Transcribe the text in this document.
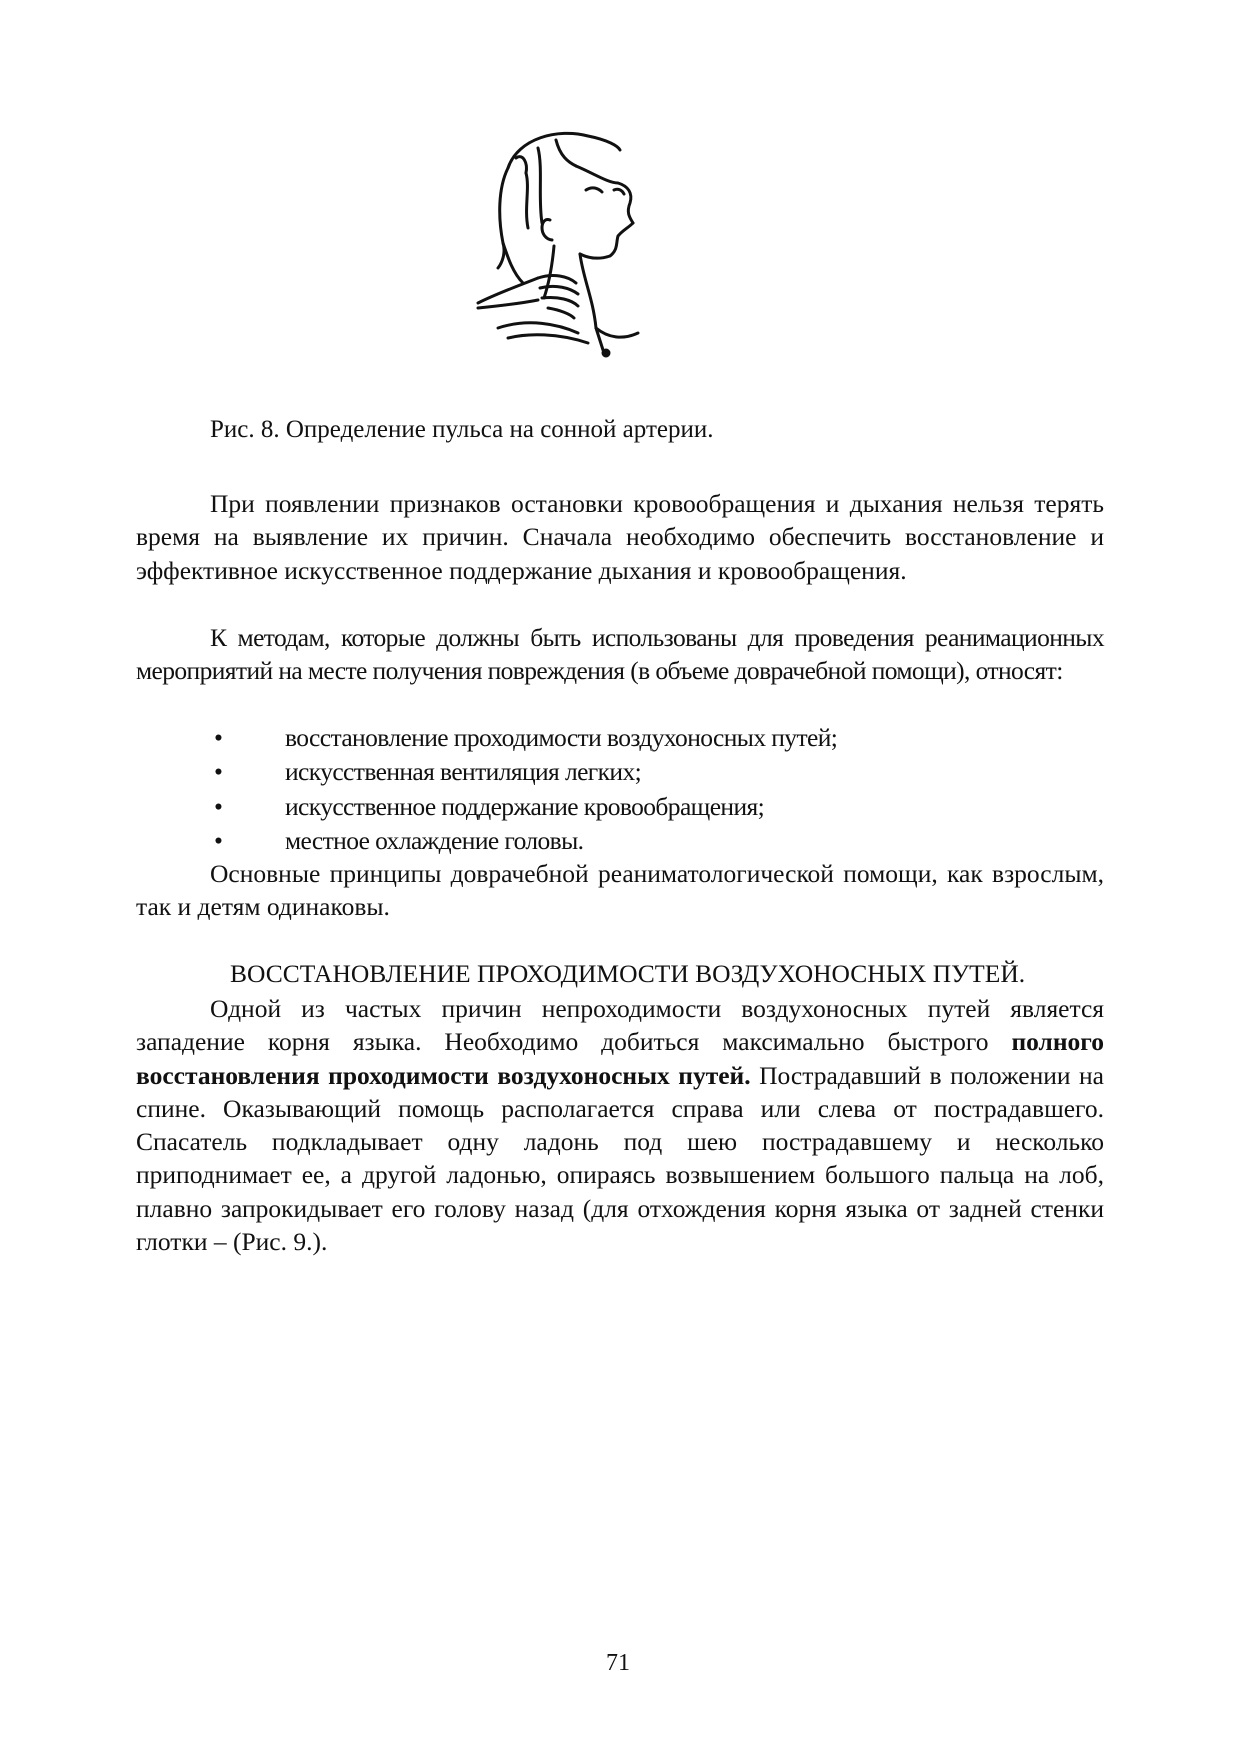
Рис. 8. Определение пульса на сонной артерии.
При появлении признаков остановки кровообращения и дыхания нельзя терять время на выявление их причин. Сначала необходимо обеспечить восстановление и эффективное искусственное поддержание дыхания и кровообращения.
К методам, которые должны быть использованы для проведения реанимационных мероприятий на месте получения повреждения (в объеме доврачебной помощи), относят:
• восстановление проходимости воздухоносных путей;
• искусственная вентиляция легких;
• искусственное поддержание кровообращения;
• местное охлаждение головы.
Основные принципы доврачебной реаниматологической помощи, как взрослым, так и детям одинаковы.
ВОССТАНОВЛЕНИЕ ПРОХОДИМОСТИ ВОЗДУХОНОСНЫХ ПУТЕЙ.
Одной из частых причин непроходимости воздухоносных путей является западение корня языка. Необходимо добиться максимально быстрого полного восстановления проходимости воздухоносных путей. Пострадавший в положении на спине. Оказывающий помощь располагается справа или слева от пострадавшего. Спасатель подкладывает одну ладонь под шею пострадавшему и несколько приподнимает ее, а другой ладонью, опираясь возвышением большого пальца на лоб, плавно запрокидывает его голову назад (для отхождения корня языка от задней стенки глотки – (Рис. 9.).
71
